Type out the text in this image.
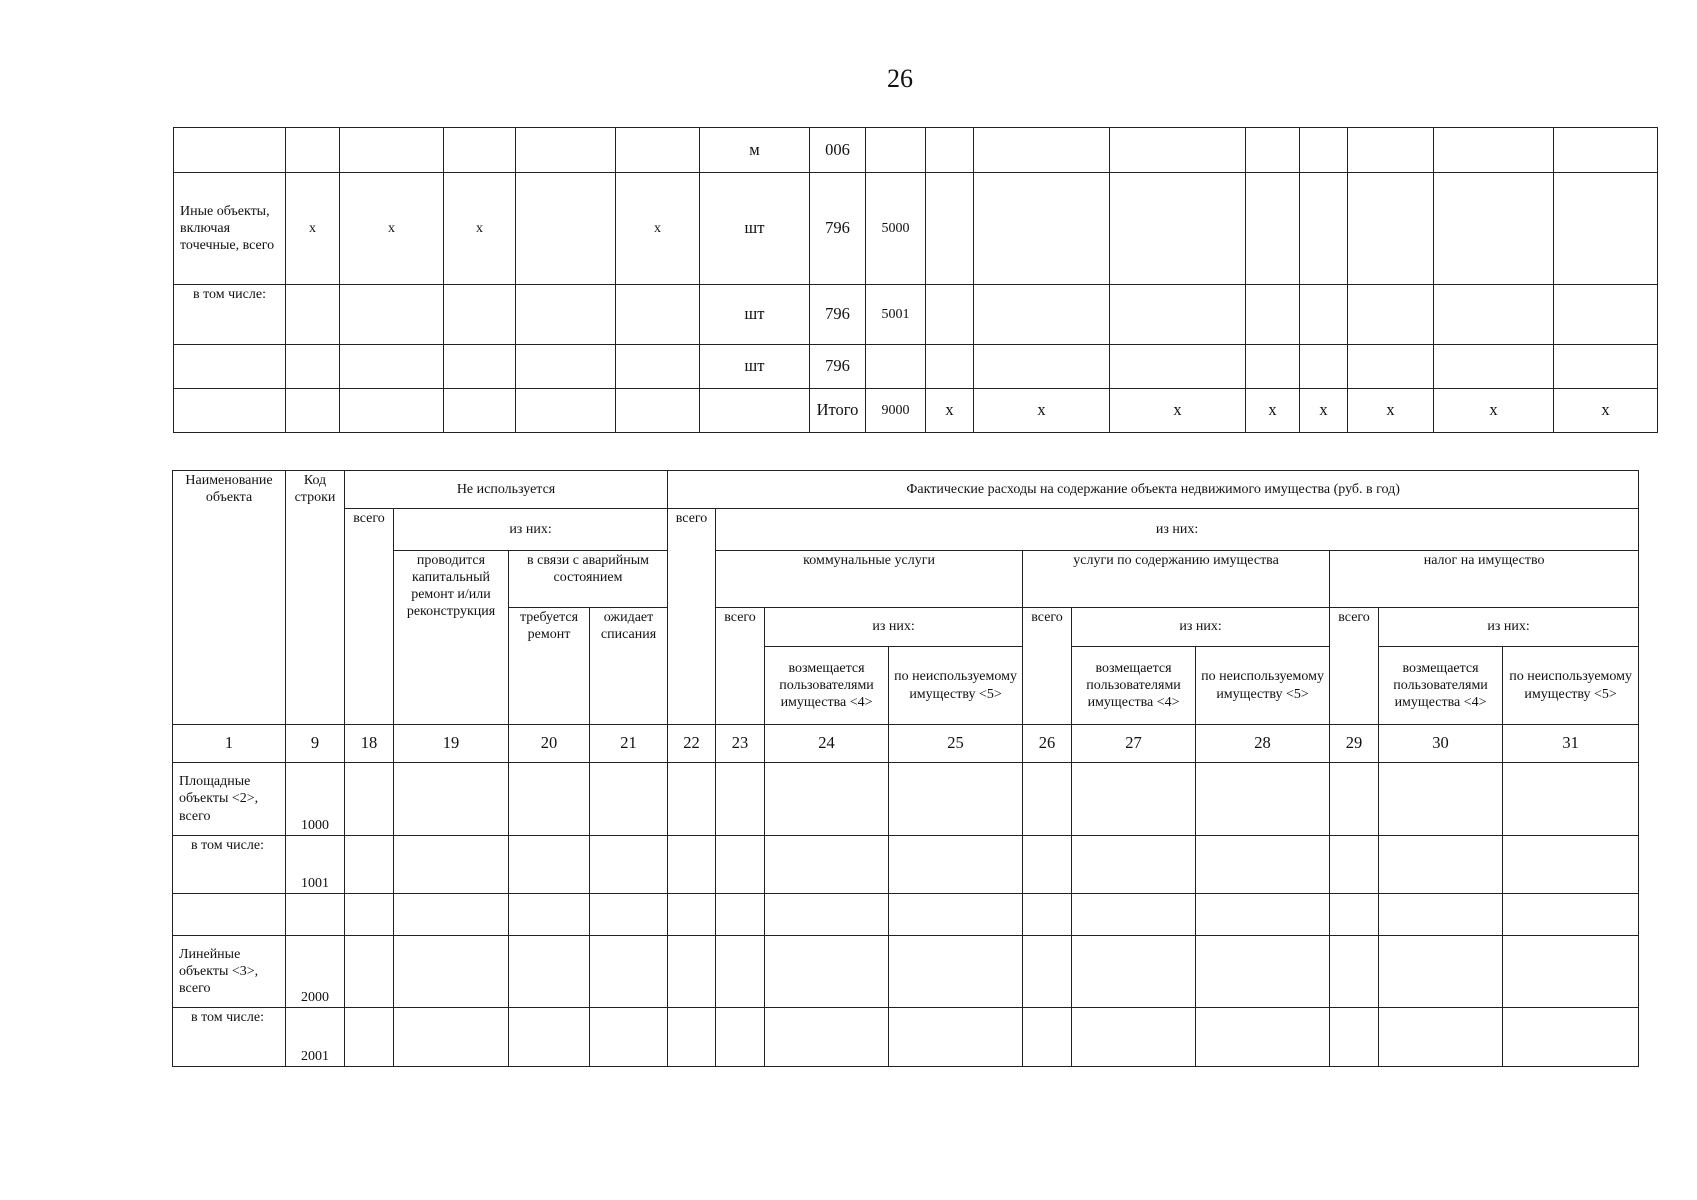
26
						м	006									
Иные объекты, включая точечные, всего	х	х	х		х	шт	796	5000								
в том числе:						шт	796	5001								
						шт	796									
							Итого	9000	х	х	х	х	х	х	х	х
Наименование объекта	Код строки	Не используется				Фактические расходы на содержание объекта недвижимого имущества (руб. в год)									
		всего	из них:			всего	из них:								
			проводится капитальный ремонт и/или реконструкция	в связи с аварийным состоянием			коммунальные услуги			услуги по содержанию имущества			налог на имущество		
				требуется ремонт	ожидает списания		всего	из них:		всего	из них:		всего	из них:	
								возмещается пользователями имущества <4>	по неиспользуемому имуществу <5>		возмещается пользователями имущества <4>	по неиспользуемому имуществу <5>		возмещается пользователями имущества <4>	по неиспользуемому имуществу <5>
1	9	18	19	20	21	22	23	24	25	26	27	28	29	30	31
Площадные объекты <2>, всего	1000														
в том числе:	1001														

Линейные объекты <3>, всего	2000														
в том числе:	2001														
